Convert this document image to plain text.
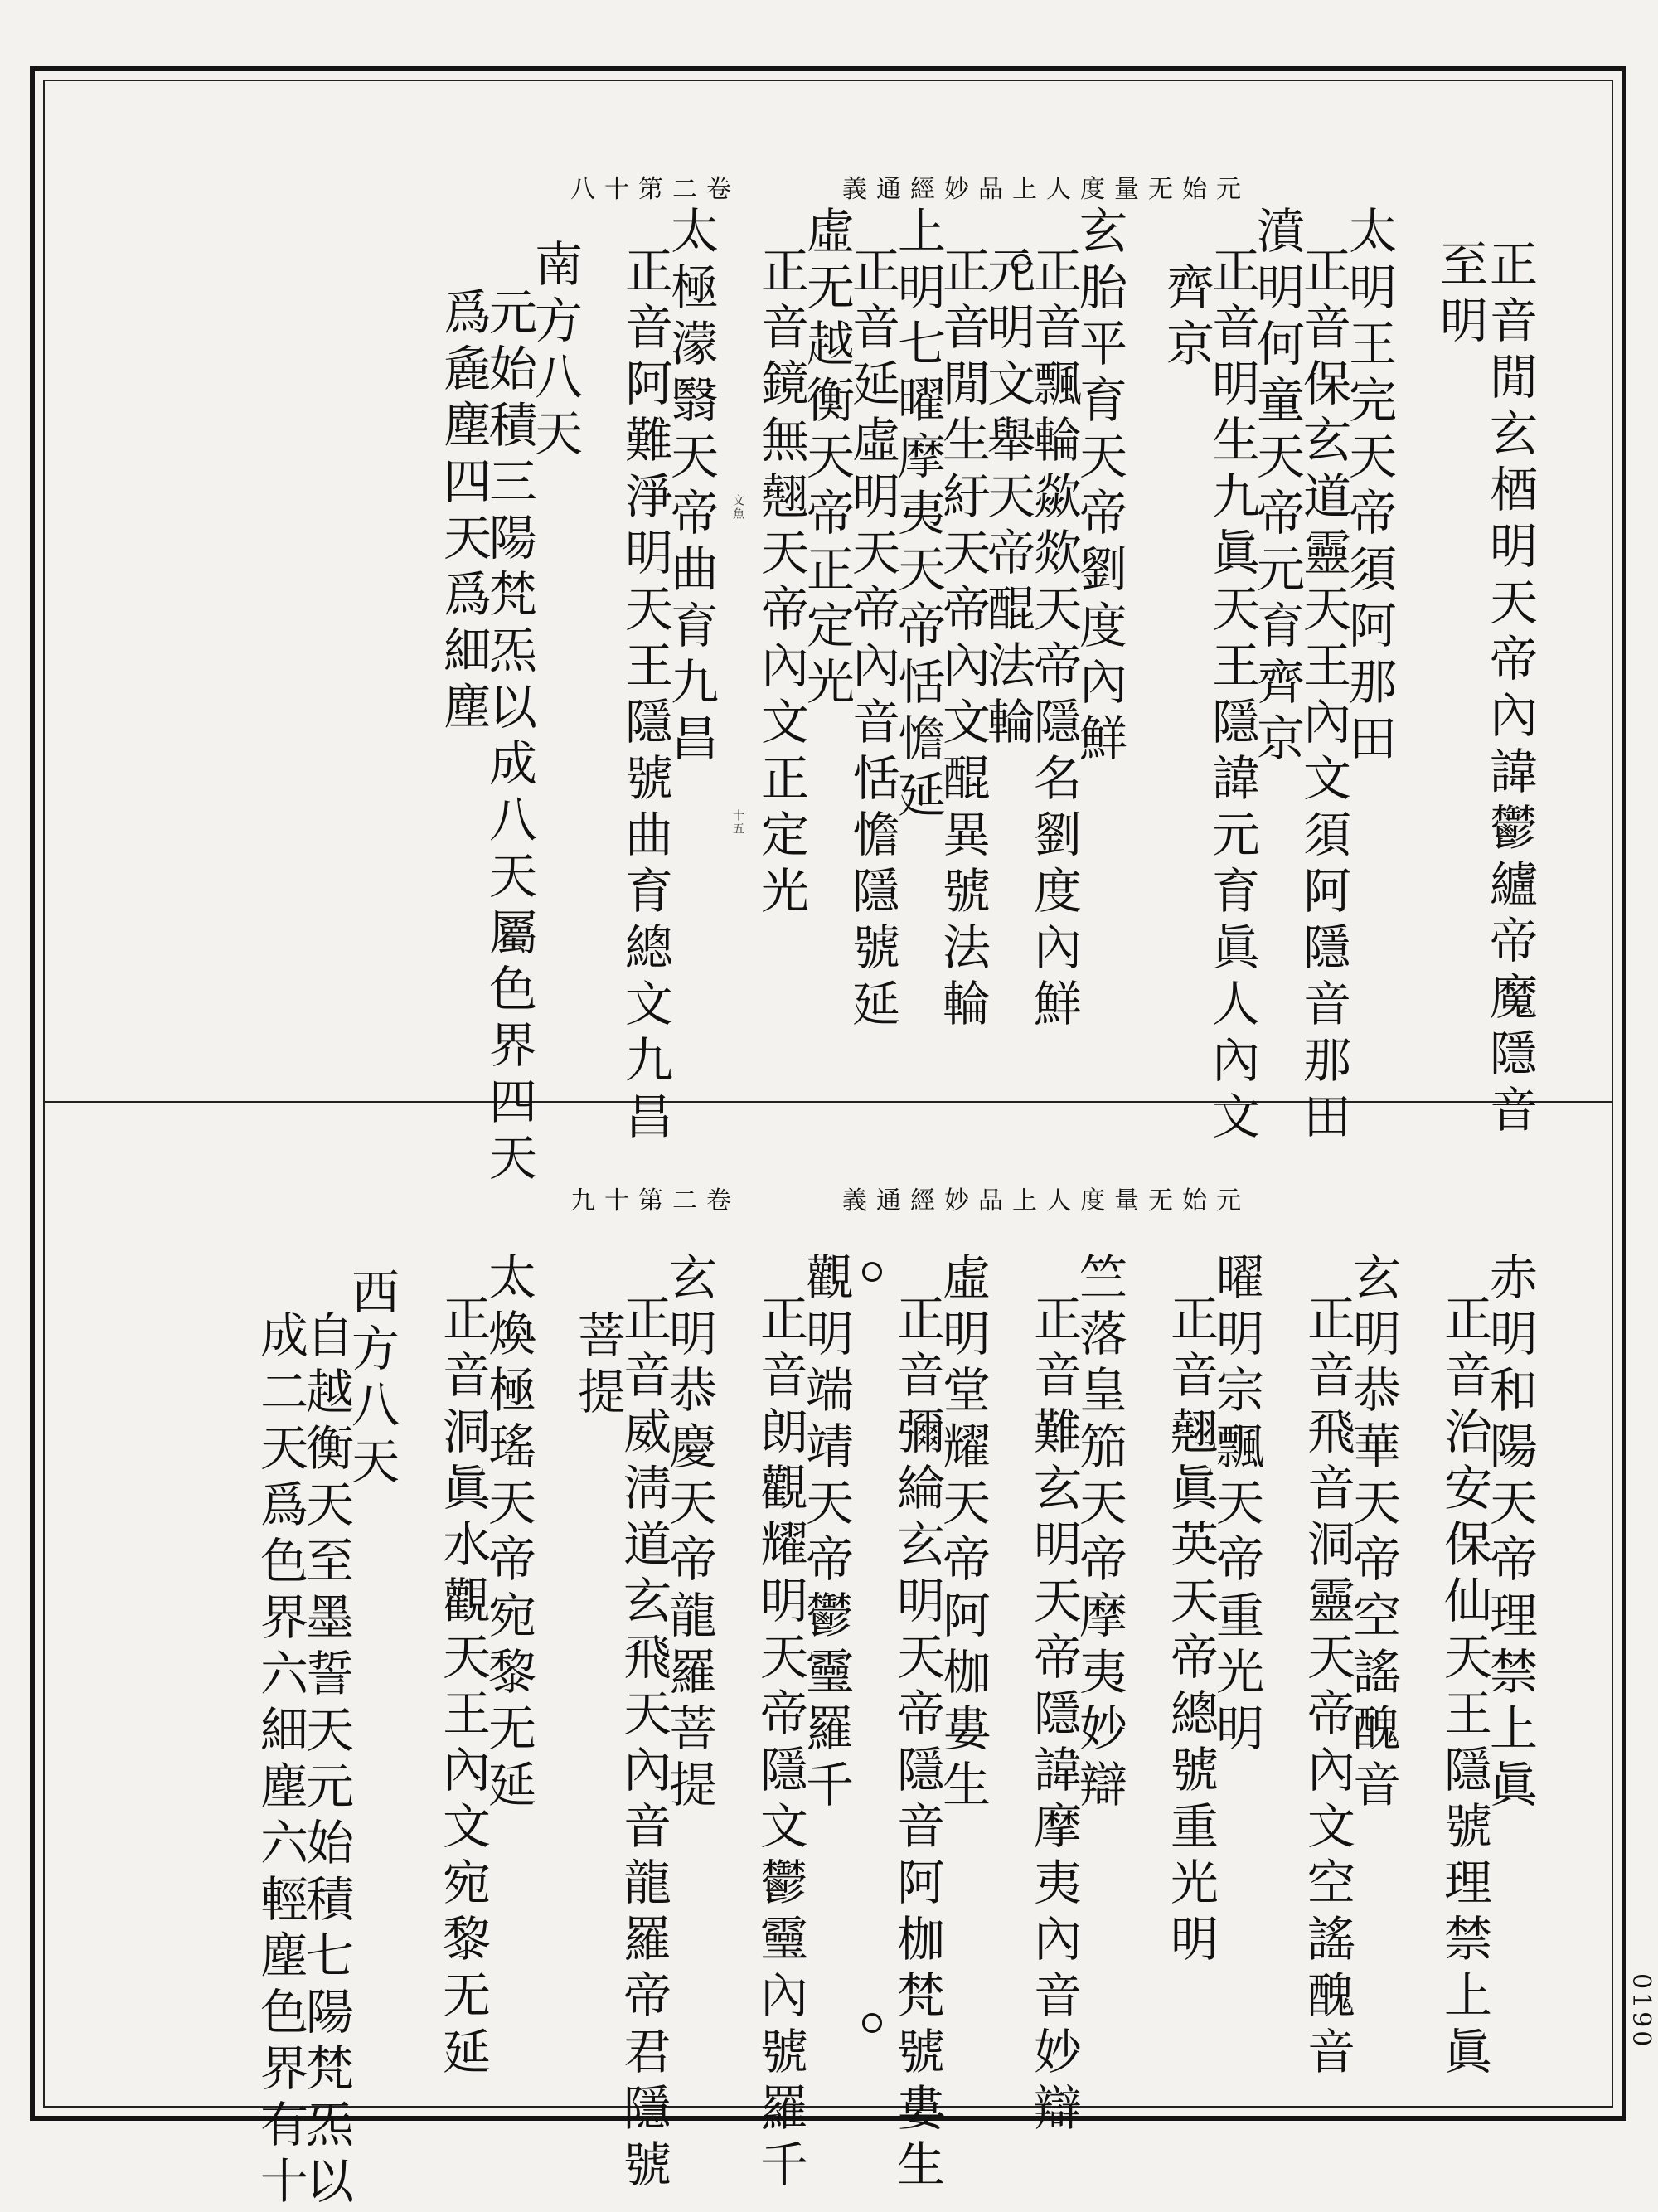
八十第二卷	義通經妙品上人度量无始元
正音閒玄梄明天帝內諱鬱纑帝魔隱音
至明
太明王完天帝須阿那田
正音保玄道靈天王內文須阿隱音那田
濆明何童天帝元育齊京
正音明生九眞天王隱諱元育眞人內文
齊京
玄胎平育天帝劉度內鮮
正音飄輪歘欻天帝隱名劉度內鮮
元明文舉天帝醌法輪
正音閒生紆天帝內文醌異號法輪
上明七曜摩夷天帝恬憺延
正音延虛明天帝內音恬憺隱號延
虛无越衡天帝正定光
正音鏡無翹天帝內文正定光
文魚
十五
太極濛翳天帝曲育九昌
正音阿難淨明天王隱號曲育總文九昌
南方八天
元始積三陽梵炁以成八天屬色界四天
爲麁塵四天爲細塵
九十第二卷	義通經妙品上人度量无始元
赤明和陽天帝理禁上眞
正音治安保仙天王隱號理禁上眞
玄明恭華天帝空謠醜音
正音飛音洞靈天帝內文空謠醜音
曜明宗飄天帝重光明
正音翹眞英天帝總號重光明
竺落皇笳天帝摩夷妙辯
正音難玄明天帝隱諱摩夷內音妙辯
虛明堂耀天帝阿枷婁生
正音彌綸玄明天帝隱音阿枷梵號婁生
觀明端靖天帝鬱𩆜羅千
正音朗觀耀明天帝隱文鬱𩆜內號羅千
玄明恭慶天帝龍羅菩提
正音威淸道玄飛天內音龍羅帝君隱號
菩提
太煥極瑤天帝宛黎无延
正音洞眞水觀天王內文宛黎无延
西方八天
自越衡天至墨誓天元始積七陽梵炁以
成二天爲色界六細塵六輕塵色界有十	0190
